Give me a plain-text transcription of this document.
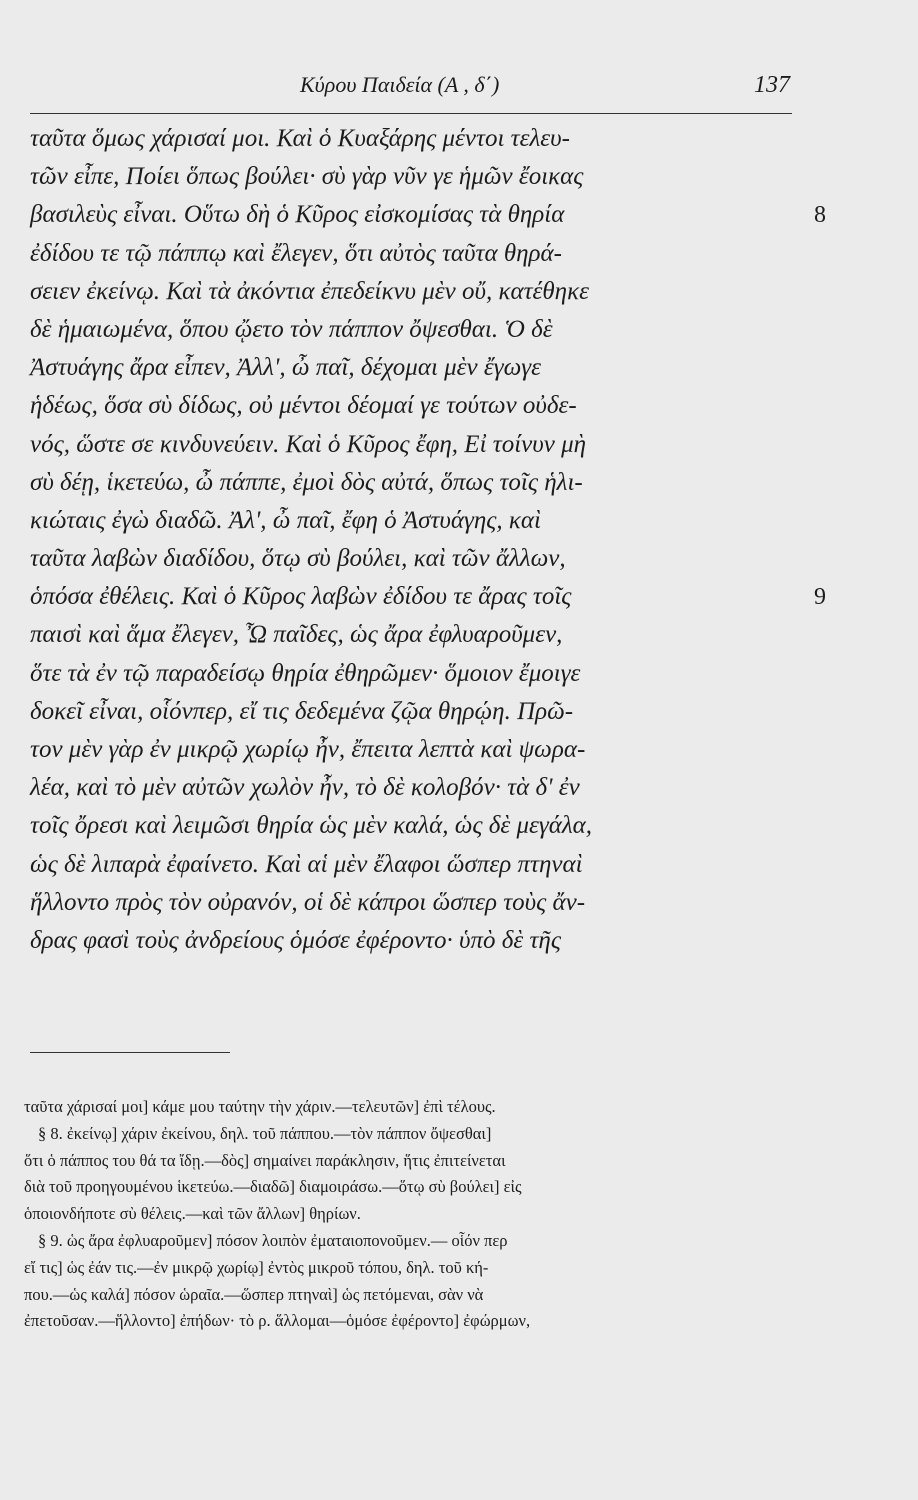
Κύρου Παιδεία (Α , δ΄)	137
ταῦτα ὅμως χάρισαί μοι. Καὶ ὁ Κυαξάρης μέντοι τελευ-
τῶν εἶπε, Ποίει ὅπως βούλει· σὺ γὰρ νῦν γε ἡμῶν ἔοικας
βασιλεὺς εἶναι. Οὕτω δὴ ὁ Κῦρος εἰσκομίσας τὰ θηρία	8
ἐδίδου τε τῷ πάππῳ καὶ ἔλεγεν, ὅτι αὐτὸς ταῦτα θηρά-
σειεν ἐκείνῳ. Καὶ τὰ ἀκόντια ἐπεδείκνυ μὲν οὔ, κατέθηκε
δὲ ἡμαιωμένα, ὅπου ᾤετο τὸν πάππον ὄψεσθαι. Ὁ δὲ
Ἀστυάγης ἄρα εἶπεν, Ἀλλ', ὦ παῖ, δέχομαι μὲν ἔγωγε
ἡδέως, ὅσα σὺ δίδως, οὐ μέντοι δέομαί γε τούτων οὐδε-
νός, ὥστε σε κινδυνεύειν. Καὶ ὁ Κῦρος ἔφη, Εἰ τοίνυν μὴ
σὺ δέῃ, ἱκετεύω, ὦ πάππε, ἐμοὶ δὸς αὐτά, ὅπως τοῖς ἡλι-
κιώταις ἐγὼ διαδῶ. Ἀλ', ὦ παῖ, ἔφη ὁ Ἀστυάγης, καὶ
ταῦτα λαβὼν διαδίδου, ὅτῳ σὺ βούλει, καὶ τῶν ἄλλων,
ὁπόσα ἐθέλεις. Καὶ ὁ Κῦρος λαβὼν ἐδίδου τε ἄρας τοῖς	9
παισὶ καὶ ἅμα ἔλεγεν, Ὦ παῖδες, ὡς ἄρα ἐφλυαροῦμεν,
ὅτε τὰ ἐν τῷ παραδείσῳ θηρία ἐθηρῶμεν· ὅμοιον ἔμοιγε
δοκεῖ εἶναι, οἷόνπερ, εἴ τις δεδεμένα ζῷα θηρῴη. Πρῶ-
τον μὲν γὰρ ἐν μικρῷ χωρίῳ ἦν, ἔπειτα λεπτὰ καὶ ψωρα-
λέα, καὶ τὸ μὲν αὐτῶν χωλὸν ἦν, τὸ δὲ κολοβόν· τὰ δ' ἐν
τοῖς ὄρεσι καὶ λειμῶσι θηρία ὡς μὲν καλά, ὡς δὲ μεγάλα,
ὡς δὲ λιπαρὰ ἐφαίνετο. Καὶ αἱ μὲν ἔλαφοι ὥσπερ πτηναὶ
ἥλλοντο πρὸς τὸν οὐρανόν, οἱ δὲ κάπροι ὥσπερ τοὺς ἄν-
δρας φασὶ τοὺς ἀνδρείους ὁμόσε ἐφέροντο· ὑπὸ δὲ τῆς
ταῦτα χάρισαί μοι] κάμε μου ταύτην τὴν χάριν.—τελευτῶν] ἐπὶ τέλους.
§ 8. ἐκείνῳ] χάριν ἐκείνου, δηλ. τοῦ πάππου.—τὸν πάππον ὄψεσθαι]
ὅτι ὁ πάππος του θά τα ἴδῃ.—δὸς] σημαίνει παράκλησιν, ἥτις ἐπιτείνεται
διὰ τοῦ προηγουμένου ἱκετεύω.—διαδῶ] διαμοιράσω.—ὅτῳ σὺ βούλει] εἰς
ὁποιονδήποτε σὺ θέλεις.—καὶ τῶν ἄλλων] θηρίων.
§ 9. ὡς ἄρα ἐφλυαροῦμεν] πόσον λοιπὸν ἐματαιοπονοῦμεν.— οἷόν περ
εἴ τις] ὡς ἐάν τις.—ἐν μικρῷ χωρίῳ] ἐντὸς μικροῦ τόπου, δηλ. τοῦ κή-
που.—ὡς καλά] πόσον ὡραῖα.—ὥσπερ πτηναὶ] ὡς πετόμεναι, σὰν νὰ
ἐπετοῦσαν.—ἥλλοντο] ἐπήδων· τὸ ρ. ἅλλομαι—ὁμόσε ἐφέροντο] ἐφώρμων,
